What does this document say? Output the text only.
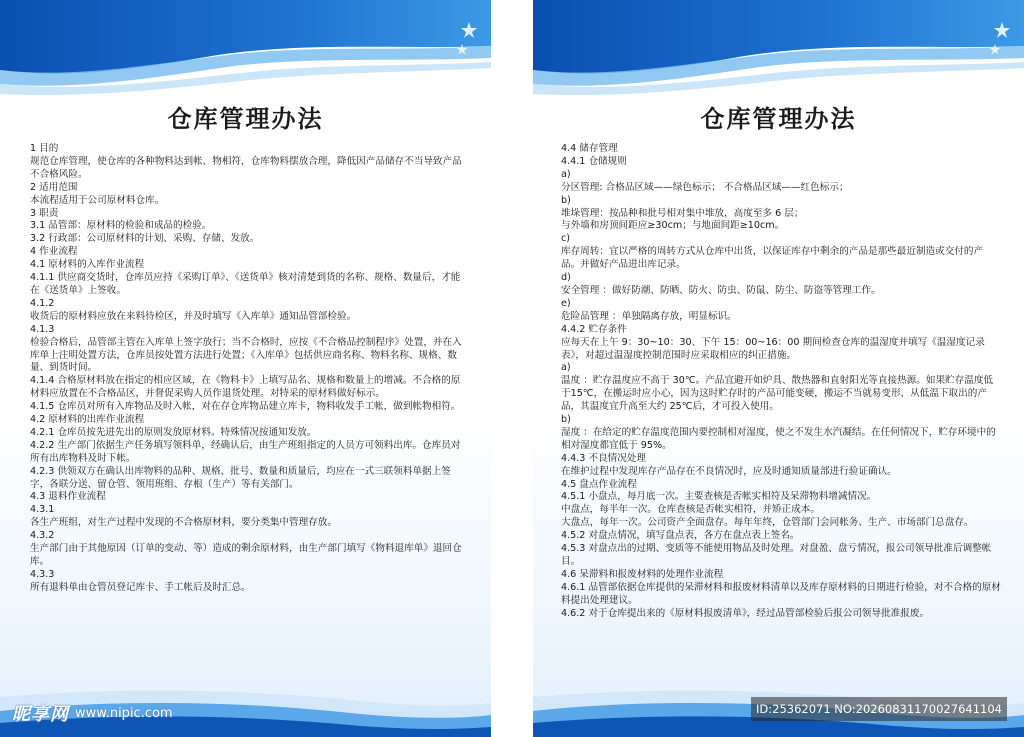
仓库管理办法
1 目的
规范仓库管理，使仓库的各种物料达到帐、物相符，仓库物料摆放合理，降低因产品储存不当导致产品不合格风险。
2 适用范围
本流程适用于公司原材料仓库。
3 职责
3.1 品管部：原材料的检验和成品的检验。
3.2 行政部：公司原材料的计划、采购、存储、发放。
4 作业流程
4.1 原材料的入库作业流程
4.1.1 供应商交货时，仓库员应持《采购订单》、《送货单》核对清楚到货的名称、规格、数量后，才能在《送货单》上签收。
4.1.2
收货后的原材料应放在来料待检区，并及时填写《入库单》通知品管部检验。
4.1.3
检验合格后，品管部主管在入库单上签字放行；当不合格时，应按《不合格品控制程序》处置，并在入库单上注明处置方法，仓库员按处置方法进行处置；《入库单》包括供应商名称、物料名称、规格、数量、到货时间。
4.1.4 合格原材料放在指定的相应区域，在《物料卡》上填写品名、规格和数量上的增减。不合格的原材料应放置在不合格品区，并督促采购人员作退货处理。对特采的原材料做好标示。
4.1.5 仓库员对所有入库物品及时入帐，对在存仓库物品建立库卡，物料收发手工帐，做到帐物相符。
4.2 原材料的出库作业流程
4.2.1 仓库员按先进先出的原则发放原材料。特殊情况按通知发放。
4.2.2 生产部门依据生产任务填写领料单，经确认后，由生产班组指定的人员方可领料出库。仓库员对所有出库物料及时下帐。
4.2.3 供领双方在确认出库物料的品种、规格、批号、数量和质量后，均应在一式三联领料单据上签字，各联分送、留仓管、领用班组、存根（生产）等有关部门。
4.3 退料作业流程
4.3.1
各生产班组，对生产过程中发现的不合格原材料，要分类集中管理存放。
4.3.2
生产部门由于其他原因（订单的变动、等）造成的剩余原材料，由生产部门填写《物料退库单》退回仓库。
4.3.3
所有退料单由仓管员登记库卡、手工帐后及时汇总。
昵享网 www.nipic.com
仓库管理办法
4.4 储存管理
4.4.1 仓储规则
a)
分区管理: 合格品区域——绿色标示； 不合格品区域——红色标示；
b)
堆垛管理：按品种和批号相对集中堆放，高度至多 6 层；
与外墙和房顶间距应≥30cm；与地面间距≥10cm。
c)
库存周转：宜以严格的周转方式从仓库中出货，以保证库存中剩余的产品是那些最近制造或交付的产品。并做好产品进出库记录。
d)
安全管理 ：做好防潮、防晒、防火、防虫、防鼠、防尘、防盗等管理工作。
e)
危险品管理 ：单独隔离存放，明显标识。
4.4.2 贮存条件
应每天在上午 9：30~10：30、下午 15：00~16：00 期间检查仓库的温湿度并填写《温湿度记录表》，对超过温湿度控制范围时应采取相应的纠正措施。
a)
温度 ：贮存温度应不高于 30℃。产品宜避开如炉具、散热器和直射阳光等直接热源。如果贮存温度低于15℃，在搬运时应小心，因为这时贮存时的产品可能变硬，搬运不当就易变形，从低温下取出的产品，其温度宜升高至大约 25℃后，才可投入使用。
b)
湿度 ：在给定的贮存温度范围内要控制相对湿度，使之不发生水汽凝结。在任何情况下，贮存环境中的相对湿度都宜低于 95%。
4.4.3 不良情况处理
在维护过程中发现库存产品存在不良情况时，应及时通知质量部进行验证确认。
4.5 盘点作业流程
4.5.1 小盘点，每月底一次。主要查核是否帐实相符及呆滞物料增减情况。
中盘点，每半年一次。仓库查核是否帐实相符，并矫正成本。
大盘点，每年一次。公司资产全面盘存。每年年终，仓管部门会同帐务、生产、市场部门总盘存。
4.5.2 对盘点情况，填写盘点表，各方在盘点表上签名。
4.5.3 对盘点出的过期、变质等不能使用物品及时处理。对盘盈、盘亏情况，报公司领导批准后调整帐目。
4.6 呆滞料和报废材料的处理作业流程
4.6.1 品管部依据仓库提供的呆滞材料和报废材料清单以及库存原材料的日期进行检验，对不合格的原材料提出处理建议。
4.6.2 对于仓库提出来的《原材料报废清单》，经过品管部检验后报公司领导批准报废。
ID:25362071 NO:20260831170027641104
